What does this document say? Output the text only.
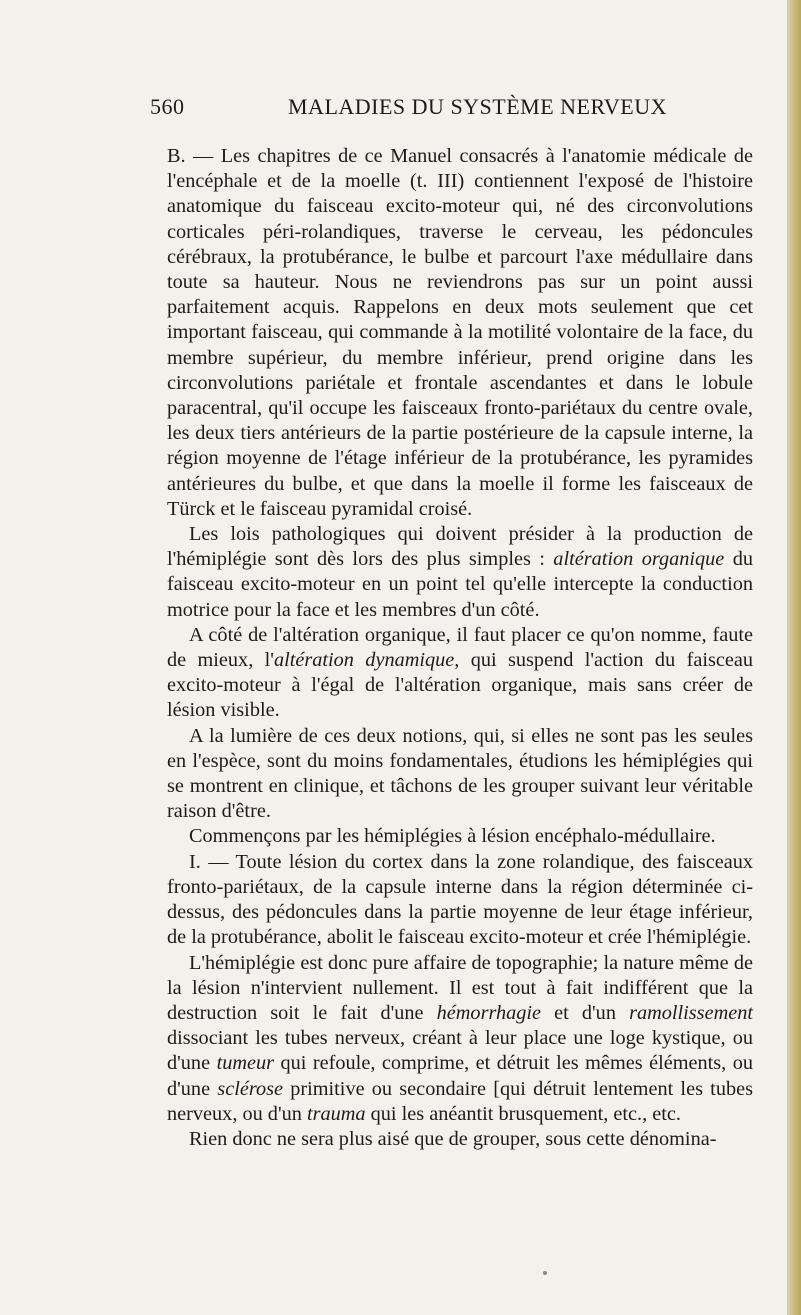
560	MALADIES DU SYSTÈME NERVEUX

B. — Les chapitres de ce Manuel consacrés à l'anatomie médicale de l'encéphale et de la moelle (t. III) contiennent l'exposé de l'histoire anatomique du faisceau excito-moteur qui, né des circonvolutions corticales péri-rolandiques, traverse le cerveau, les pédoncules cérébraux, la protubérance, le bulbe et parcourt l'axe médullaire dans toute sa hauteur. Nous ne reviendrons pas sur un point aussi parfaitement acquis. Rappelons en deux mots seulement que cet important faisceau, qui commande à la motilité volontaire de la face, du membre supérieur, du membre inférieur, prend origine dans les circonvolutions pariétale et frontale ascendantes et dans le lobule paracentral, qu'il occupe les faisceaux fronto-pariétaux du centre ovale, les deux tiers antérieurs de la partie postérieure de la capsule interne, la région moyenne de l'étage inférieur de la protubérance, les pyramides antérieures du bulbe, et que dans la moelle il forme les faisceaux de Türck et le faisceau pyramidal croisé.

Les lois pathologiques qui doivent présider à la production de l'hémiplégie sont dès lors des plus simples : altération organique du faisceau excito-moteur en un point tel qu'elle intercepte la conduction motrice pour la face et les membres d'un côté.

A côté de l'altération organique, il faut placer ce qu'on nomme, faute de mieux, l'altération dynamique, qui suspend l'action du faisceau excito-moteur à l'égal de l'altération organique, mais sans créer de lésion visible.

A la lumière de ces deux notions, qui, si elles ne sont pas les seules en l'espèce, sont du moins fondamentales, étudions les hémiplégies qui se montrent en clinique, et tâchons de les grouper suivant leur véritable raison d'être.

Commençons par les hémiplégies à lésion encéphalo-médullaire.

I. — Toute lésion du cortex dans la zone rolandique, des faisceaux fronto-pariétaux, de la capsule interne dans la région déterminée ci-dessus, des pédoncules dans la partie moyenne de leur étage inférieur, de la protubérance, abolit le faisceau excito-moteur et crée l'hémiplégie.

L'hémiplégie est donc pure affaire de topographie; la nature même de la lésion n'intervient nullement. Il est tout à fait indifférent que la destruction soit le fait d'une hémorrhagie et d'un ramollissement dissociant les tubes nerveux, créant à leur place une loge kystique, ou d'une tumeur qui refoule, comprime, et détruit les mêmes éléments, ou d'une sclérose primitive ou secondaire [qui détruit lentement les tubes nerveux, ou d'un trauma qui les anéantit brusquement, etc., etc.

Rien donc ne sera plus aisé que de grouper, sous cette dénomina-
